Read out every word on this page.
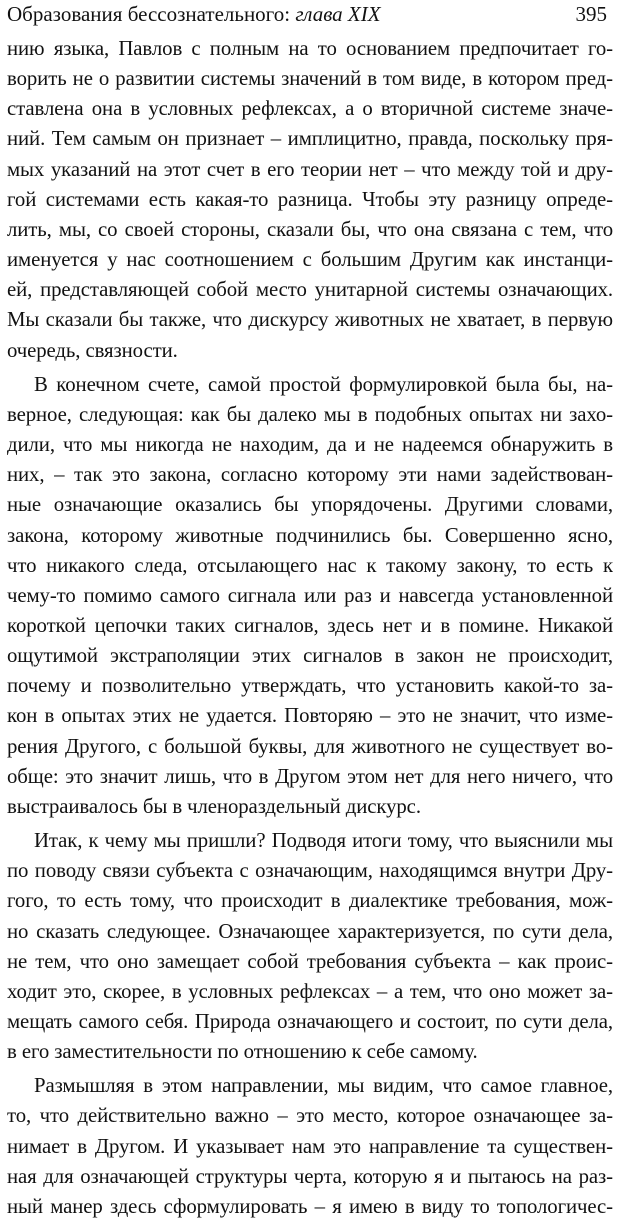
Образования бессознательного: глава XIX	395
нию языка, Павлов с полным на то основанием предпочитает го-
ворить не о развитии системы значений в том виде, в котором пред-
ставлена она в условных рефлексах, а о вторичной системе значе-
ний. Тем самым он признает – имплицитно, правда, поскольку пря-
мых указаний на этот счет в его теории нет – что между той и дру-
гой системами есть какая-то разница. Чтобы эту разницу опреде-
лить, мы, со своей стороны, сказали бы, что она связана с тем, что
именуется у нас соотношением с большим Другим как инстанци-
ей, представляющей собой место унитарной системы означающих.
Мы сказали бы также, что дискурсу животных не хватает, в первую
очередь, связности.
В конечном счете, самой простой формулировкой была бы, на-
верное, следующая: как бы далеко мы в подобных опытах ни захо-
дили, что мы никогда не находим, да и не надеемся обнаружить в
них, – так это закона, согласно которому эти нами задействован-
ные означающие оказались бы упорядочены. Другими словами,
закона, которому животные подчинились бы. Совершенно ясно,
что никакого следа, отсылающего нас к такому закону, то есть к
чему-то помимо самого сигнала или раз и навсегда установленной
короткой цепочки таких сигналов, здесь нет и в помине. Никакой
ощутимой экстраполяции этих сигналов в закон не происходит,
почему и позволительно утверждать, что установить какой-то за-
кон в опытах этих не удается. Повторяю – это не значит, что изме-
рения Другого, с большой буквы, для животного не существует во-
обще: это значит лишь, что в Другом этом нет для него ничего, что
выстраивалось бы в членораздельный дискурс.
Итак, к чему мы пришли? Подводя итоги тому, что выяснили мы
по поводу связи субъекта с означающим, находящимся внутри Дру-
гого, то есть тому, что происходит в диалектике требования, мож-
но сказать следующее. Означающее характеризуется, по сути дела,
не тем, что оно замещает собой требования субъекта – как проис-
ходит это, скорее, в условных рефлексах – а тем, что оно может за-
мещать самого себя. Природа означающего и состоит, по сути дела,
в его заместительности по отношению к себе самому.
Размышляя в этом направлении, мы видим, что самое главное,
то, что действительно важно – это место, которое означающее за-
нимает в Другом. И указывает нам это направление та существен-
ная для означающей структуры черта, которую я и пытаюсь на раз-
ный манер здесь сформулировать – я имею в виду то топологичес-
